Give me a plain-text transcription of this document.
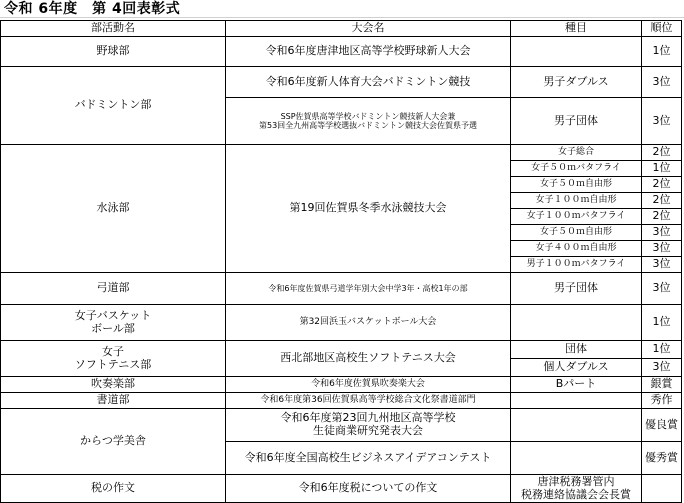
令和 6年度　第 4回表彰式
部活動名	大会名	種目	順位
野球部	令和6年度唐津地区高等学校野球新人大会		1位
バドミントン部	令和6年度新人体育大会バドミントン競技	男子ダブルス	3位

	SSP佐賀県高等学校バドミントン競技新人大会兼
第53回全九州高等学校選抜バドミントン競技大会佐賀県予選	男子団体	3位
水泳部	第19回佐賀県冬季水泳競技大会	女子総合	2位
		女子５０ｍバタフライ	1位
		女子５０ｍ自由形	2位
		女子１００ｍ自由形	2位
		女子１００ｍバタフライ	2位
		女子５０ｍ自由形	3位
		女子４００ｍ自由形	3位
		男子１００ｍバタフライ	3位
弓道部	令和6年度佐賀県弓道学年別大会中学3年・高校1年の部	男子団体	3位

女子バスケット
ボール部	第32回浜玉バスケットボール大会		1位

女子
ソフトテニス部	西北部地区高校生ソフトテニス大会	団体	1位
		個人ダブルス	3位
吹奏楽部	令和6年度佐賀県吹奏楽大会	Bパート	銀賞
書道部	令和6年度第36回佐賀県高等学校総合文化祭書道部門		秀作
からつ学美舎	令和6年度第23回九州地区高等学校
生徒商業研究発表大会		優良賞
	令和6年度全国高校生ビジネスアイデアコンテスト		優秀賞
税の作文	令和6年度税についての作文	唐津税務署管内
税務連絡協議会会長賞	
